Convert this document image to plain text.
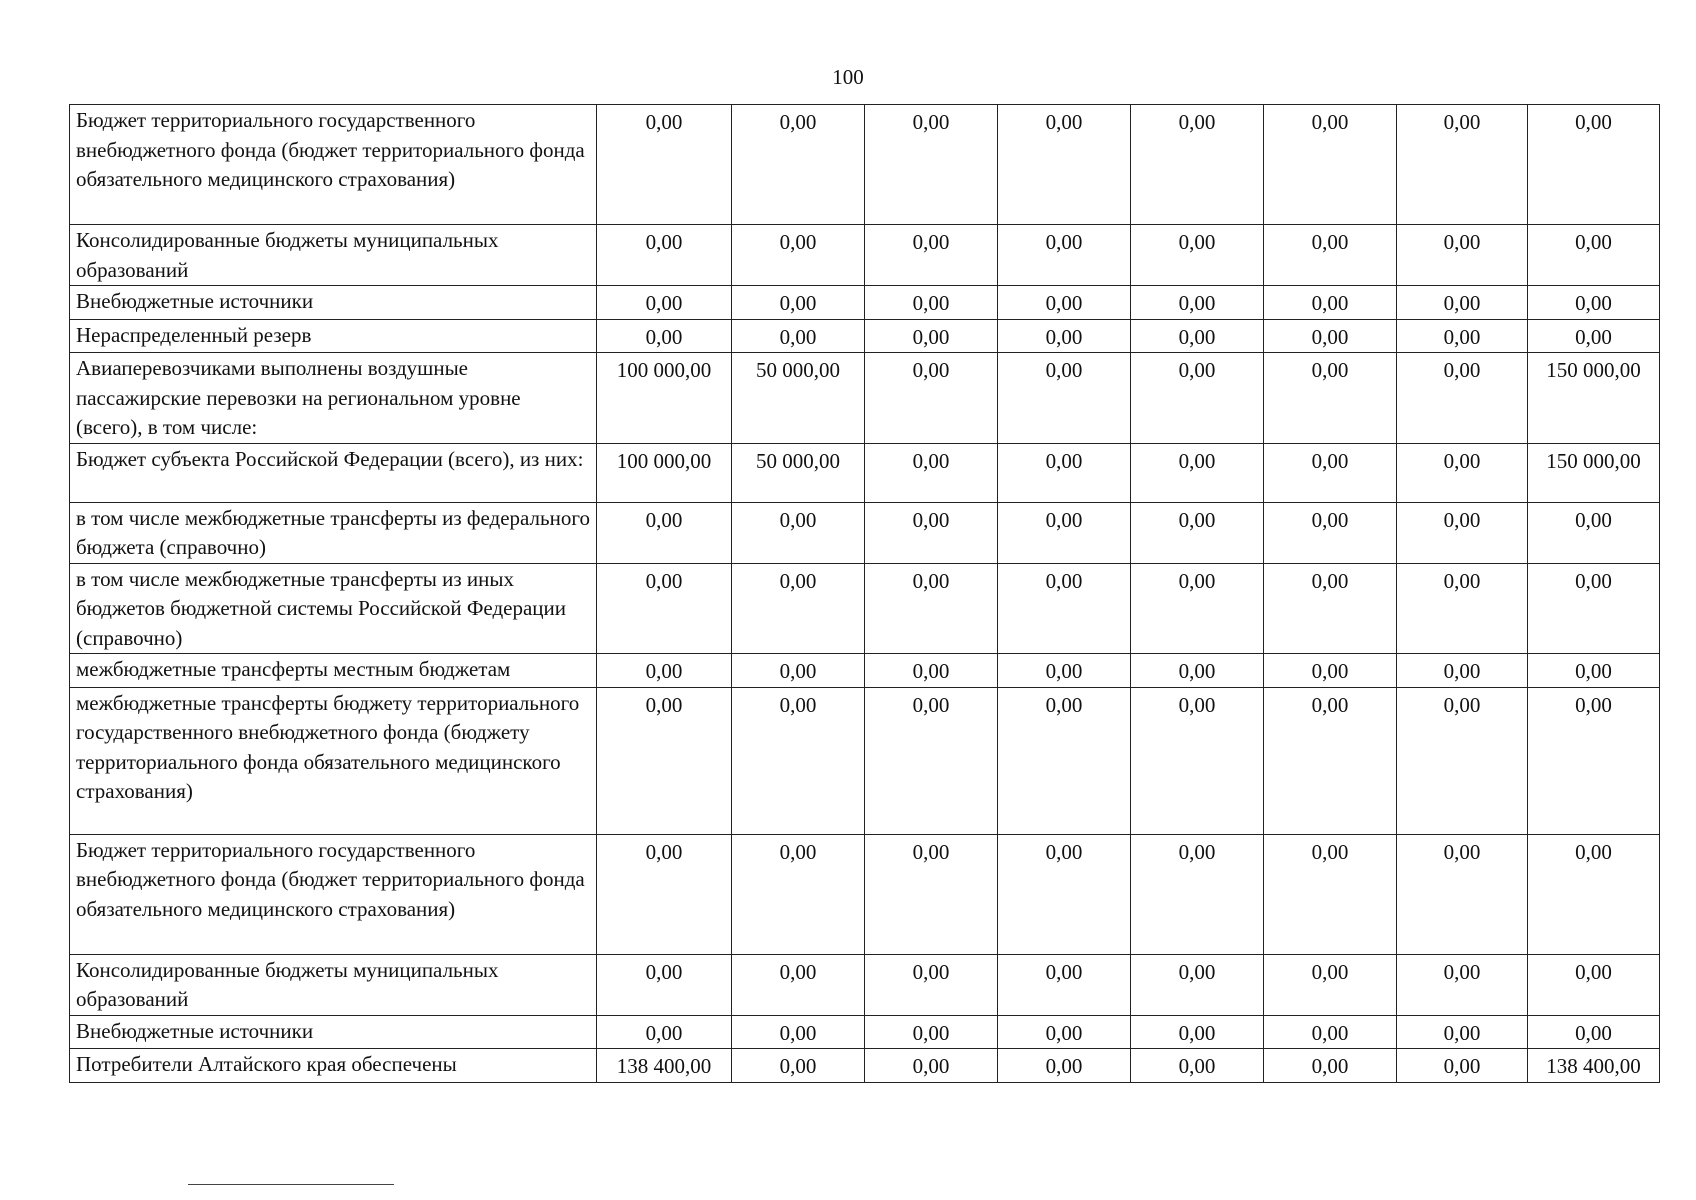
100
Бюджет территориального государственного внебюджетного фонда (бюджет территориального фонда обязательного медицинского страхования)	0,00	0,00	0,00	0,00	0,00	0,00	0,00	0,00
Консолидированные бюджеты муниципальных образований	0,00	0,00	0,00	0,00	0,00	0,00	0,00	0,00
Внебюджетные источники	0,00	0,00	0,00	0,00	0,00	0,00	0,00	0,00
Нераспределенный резерв	0,00	0,00	0,00	0,00	0,00	0,00	0,00	0,00
Авиаперевозчиками выполнены воздушные пассажирские перевозки на региональном уровне (всего), в том числе:	100 000,00	50 000,00	0,00	0,00	0,00	0,00	0,00	150 000,00
Бюджет субъекта Российской Федерации (всего), из них:	100 000,00	50 000,00	0,00	0,00	0,00	0,00	0,00	150 000,00
в том числе межбюджетные трансферты из федерального бюджета (справочно)	0,00	0,00	0,00	0,00	0,00	0,00	0,00	0,00
в том числе межбюджетные трансферты из иных бюджетов бюджетной системы Российской Федерации (справочно)	0,00	0,00	0,00	0,00	0,00	0,00	0,00	0,00
межбюджетные трансферты местным бюджетам	0,00	0,00	0,00	0,00	0,00	0,00	0,00	0,00
межбюджетные трансферты бюджету территориального государственного внебюджетного фонда (бюджету территориального фонда обязательного медицинского страхования)	0,00	0,00	0,00	0,00	0,00	0,00	0,00	0,00
Бюджет территориального государственного внебюджетного фонда (бюджет территориального фонда обязательного медицинского страхования)	0,00	0,00	0,00	0,00	0,00	0,00	0,00	0,00
Консолидированные бюджеты муниципальных образований	0,00	0,00	0,00	0,00	0,00	0,00	0,00	0,00
Внебюджетные источники	0,00	0,00	0,00	0,00	0,00	0,00	0,00	0,00
Потребители Алтайского края обеспечены	138 400,00	0,00	0,00	0,00	0,00	0,00	0,00	138 400,00
